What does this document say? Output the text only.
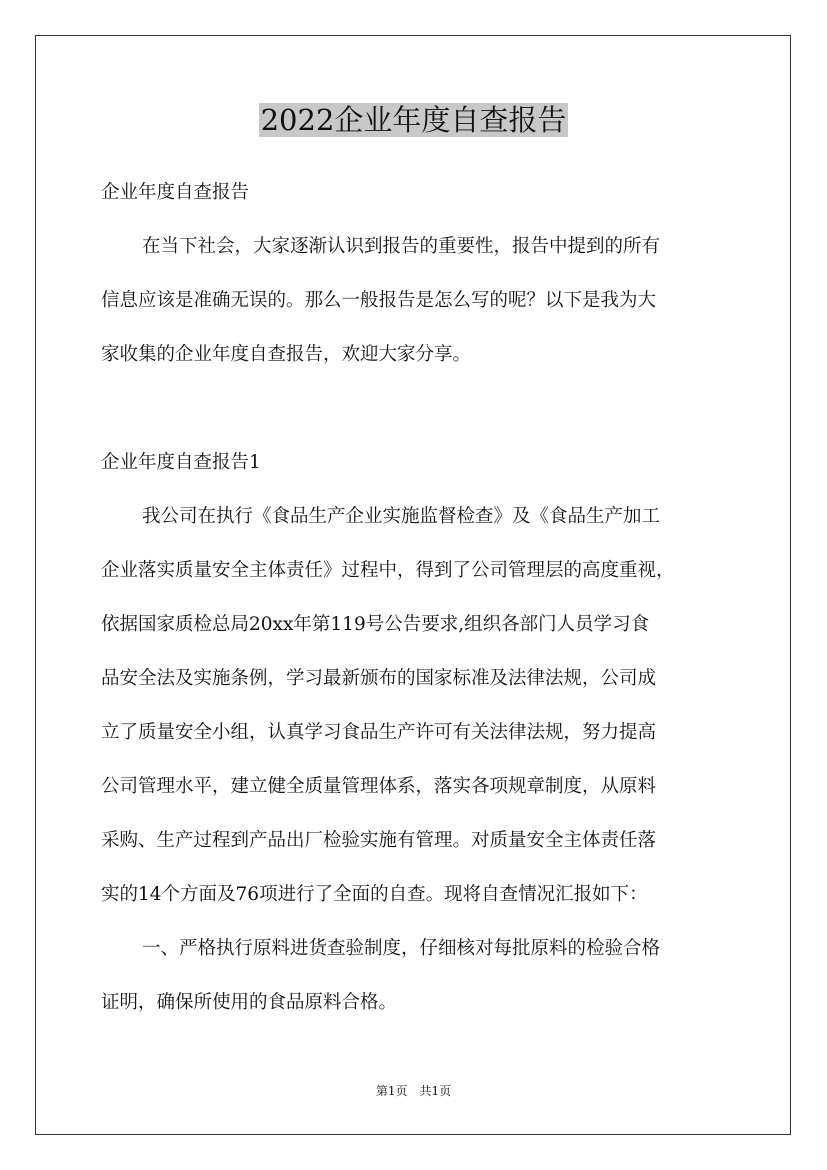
2022企业年度自查报告
企业年度自查报告
在当下社会，大家逐渐认识到报告的重要性，报告中提到的所有
信息应该是准确无误的。那么一般报告是怎么写的呢？以下是我为大
家收集的企业年度自查报告，欢迎大家分享。
企业年度自查报告1
我公司在执行《食品生产企业实施监督检查》及《食品生产加工
企业落实质量安全主体责任》过程中，得到了公司管理层的高度重视，
依据国家质检总局20xx年第119号公告要求,组织各部门人员学习食
品安全法及实施条例，学习最新颁布的国家标准及法律法规，公司成
立了质量安全小组，认真学习食品生产许可有关法律法规，努力提高
公司管理水平，建立健全质量管理体系，落实各项规章制度，从原料
采购、生产过程到产品出厂检验实施有管理。对质量安全主体责任落
实的14个方面及76项进行了全面的自查。现将自查情况汇报如下：
一、严格执行原料进货查验制度，仔细核对每批原料的检验合格
证明，确保所使用的食品原料合格。
第1页 共1页
